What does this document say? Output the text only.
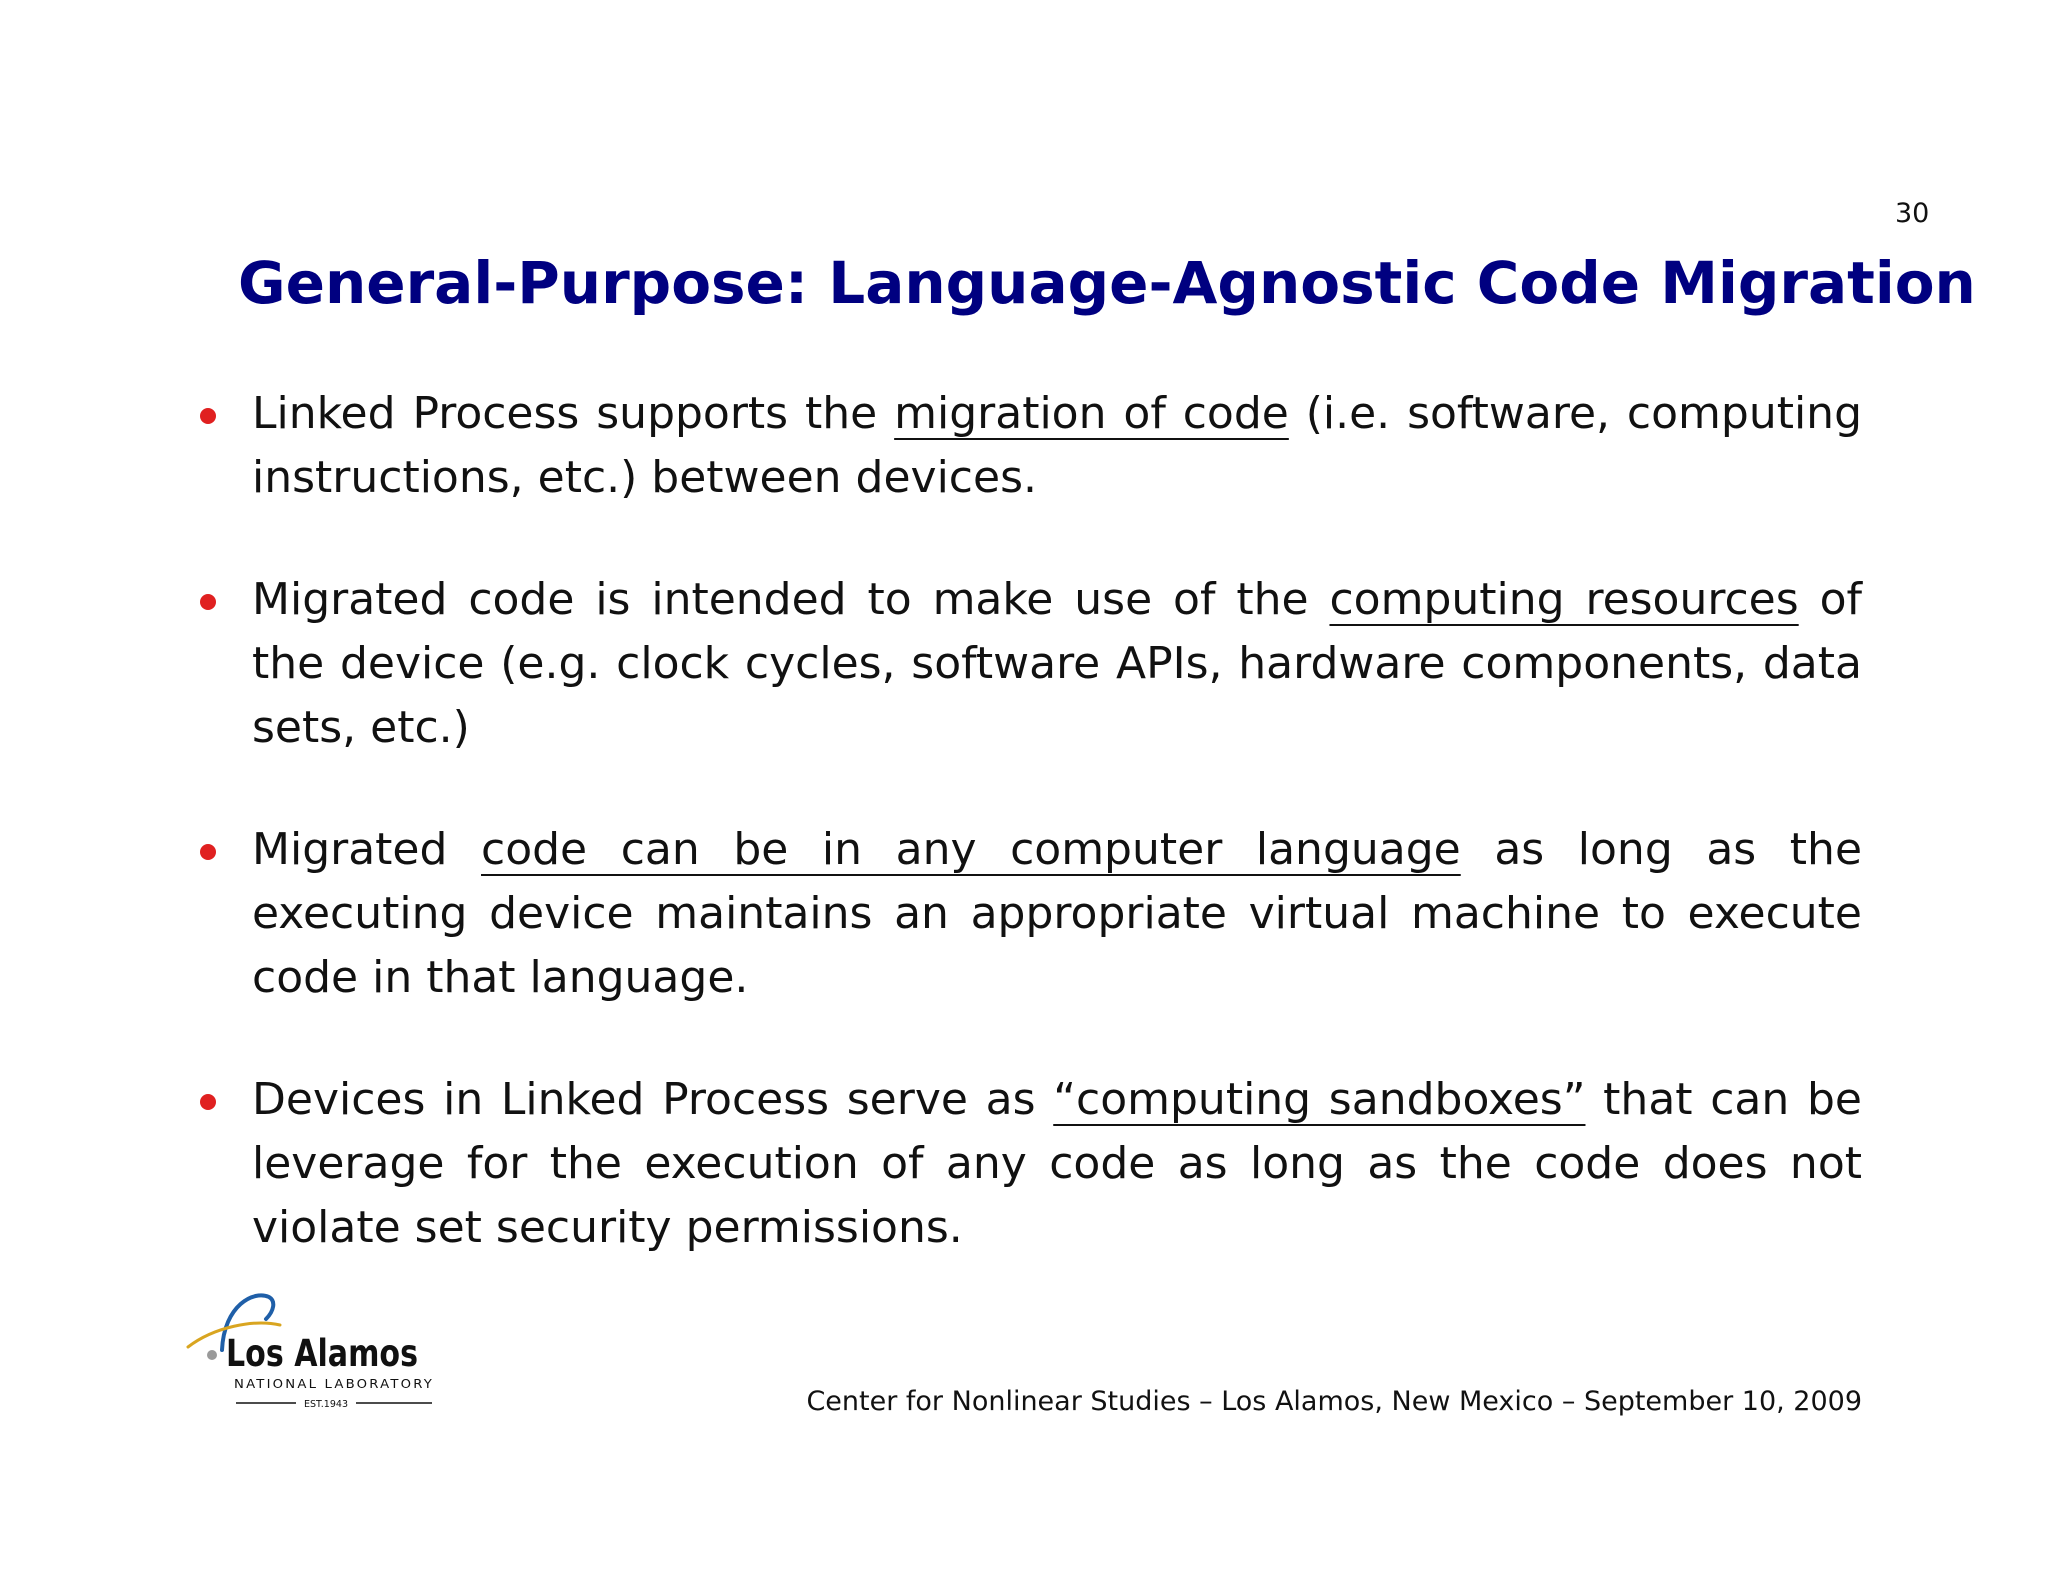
30
General-Purpose: Language-Agnostic Code Migration
Linked Process supports the migration of code (i.e. software, computing instructions, etc.) between devices.
Migrated code is intended to make use of the computing resources of the device (e.g. clock cycles, software APIs, hardware components, data sets, etc.)
Migrated code can be in any computer language as long as the executing device maintains an appropriate virtual machine to execute code in that language.
Devices in Linked Process serve as “computing sandboxes” that can be leverage for the execution of any code as long as the code does not violate set security permissions.
Los Alamos
NATIONAL LABORATORY
EST.1943	Center for Nonlinear Studies – Los Alamos, New Mexico – September 10, 2009
